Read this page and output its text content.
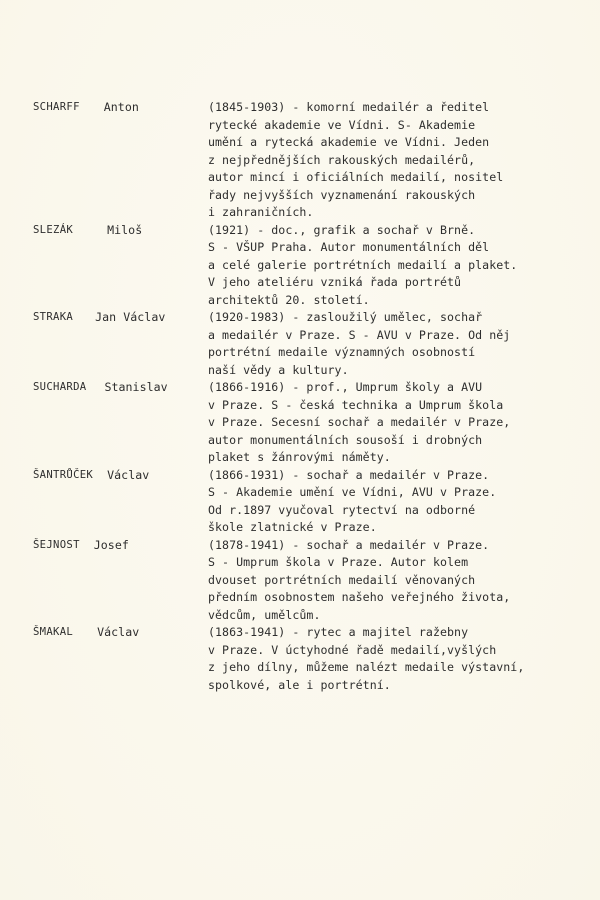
SCHARFF Anton	(1845-1903) - komorní medailér a ředitel
rytecké akademie ve Vídni. S- Akademie
umění a rytecká akademie ve Vídni. Jeden
z nejpřednějších rakouských medailérů,
autor mincí i oficiálních medailí, nositel
řady nejvyšších vyznamenání rakouských
i zahraničních.
SLEZÁK	Miloš	(1921) - doc., grafik a sochař v Brně.
S - VŠUP Praha. Autor monumentálních děl
a celé galerie portrétních medailí a plaket.
V jeho ateliéru vzniká řada portrétů
architektů 20. století.
STRAKA Jan Václav	(1920-1983) - zasloužilý umělec, sochař
a medailér v Praze. S - AVU v Praze. Od něj
portrétní medaile významných osobností
naší vědy a kultury.
SUCHARDA Stanislav	(1866-1916) - prof., Umprum školy a AVU
v Praze. S - česká technika a Umprum škola
v Praze. Secesní sochař a medailér v Praze,
autor monumentálních sousoší i drobných
plaket s žánrovými náměty.
ŠANTRŮČEK Václav	(1866-1931) - sochař a medailér v Praze.
S - Akademie umění ve Vídni, AVU v Praze.
Od r.1897 vyučoval rytectví na odborné
škole zlatnické v Praze.
ŠEJNOST Josef	(1878-1941) - sochař a medailér v Praze.
S - Umprum škola v Praze. Autor kolem
dvouset portrétních medailí věnovaných
předním osobnostem našeho veřejného života,
vědcům, umělcům.
ŠMAKAL Václav	(1863-1941) - rytec a majitel ražebny
v Praze. V úctyhodné řadě medailí,vyšlých
z jeho dílny, můžeme nalézt medaile výstavní,
spolkové, ale i portrétní.
